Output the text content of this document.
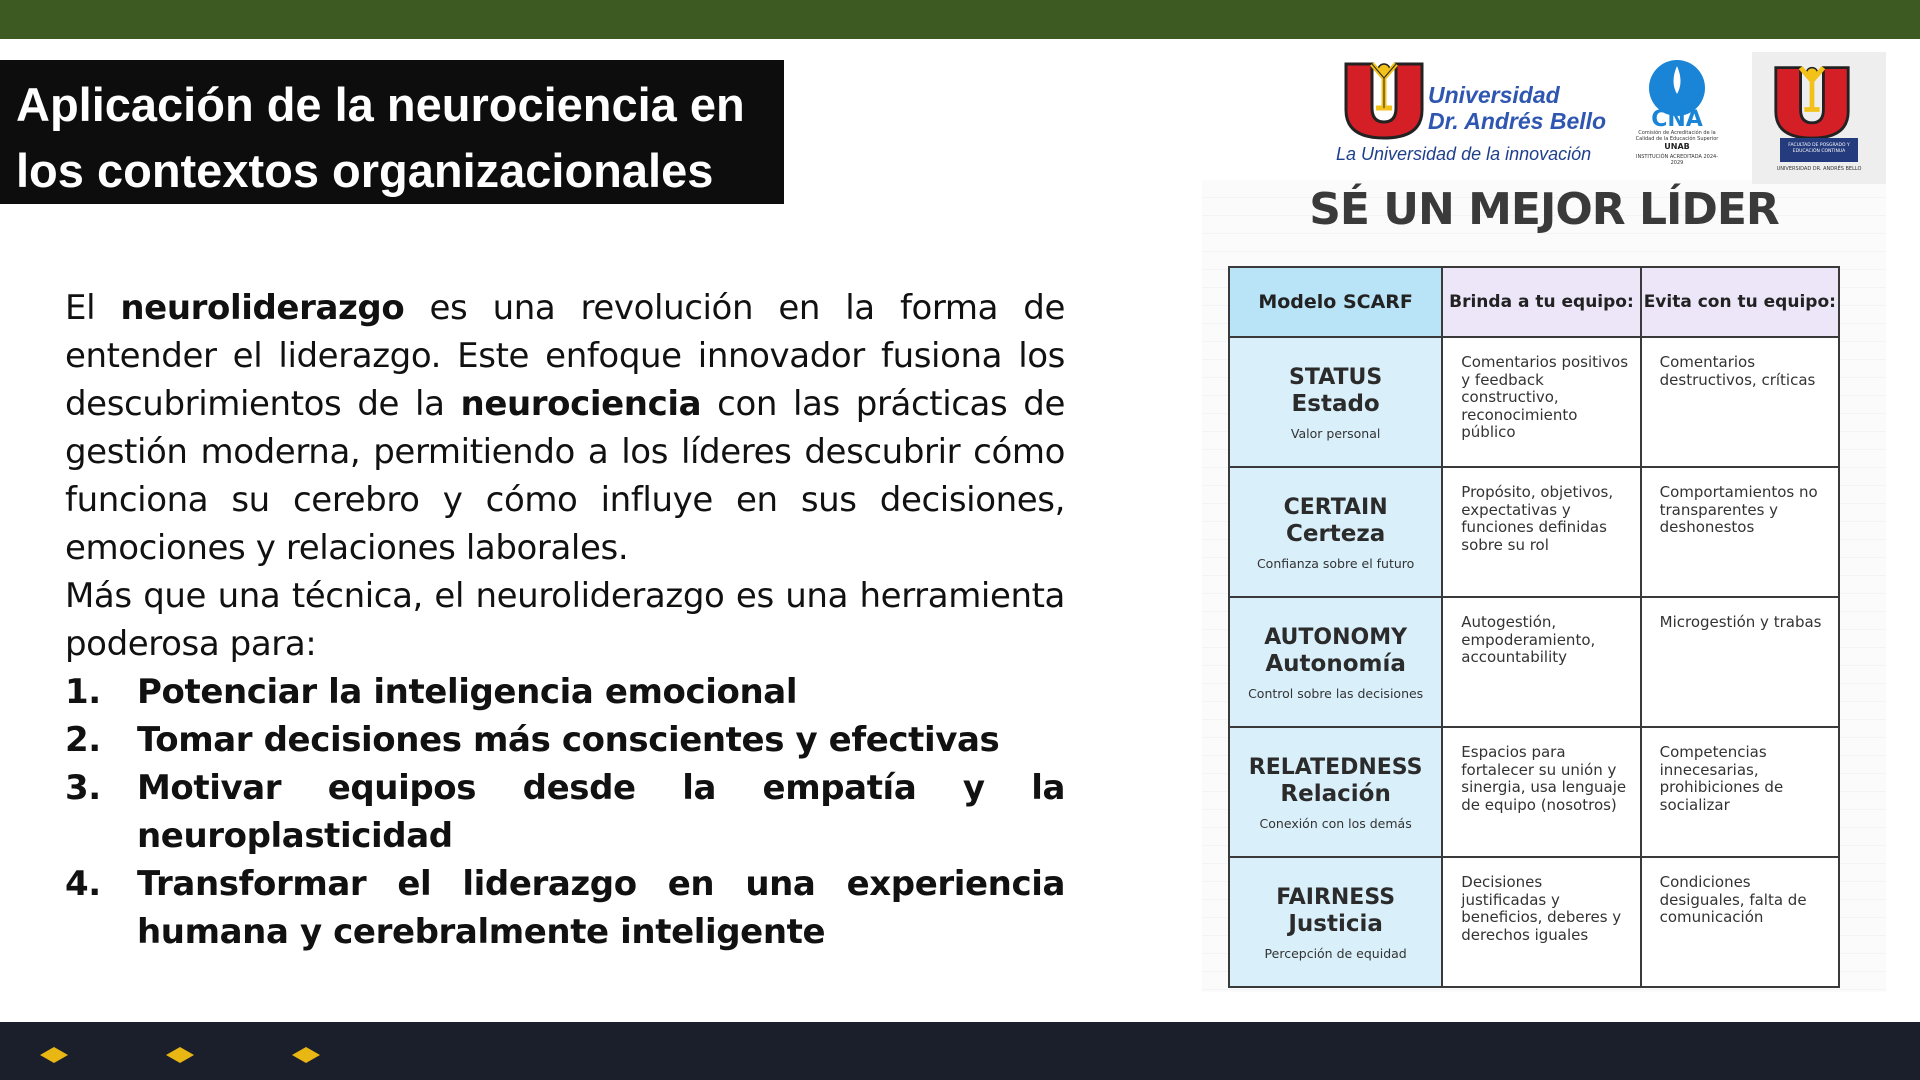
Aplicación de la neurociencia en
los contextos organizacionales

El neuroliderazgo es una revolución en la forma de entender el liderazgo. Este enfoque innovador fusiona los descubrimientos de la neurociencia con las prácticas de gestión moderna, permitiendo a los líderes descubrir cómo funciona su cerebro y cómo influye en sus decisiones, emociones y relaciones laborales.

Más que una técnica, el neuroliderazgo es una herramienta poderosa para:

1. Potenciar la inteligencia emocional
2. Tomar decisiones más conscientes y efectivas
3. Motivar equipos desde la empatía y la neuroplasticidad
4. Transformar el liderazgo en una experiencia humana y cerebralmente inteligente
Universidad
Dr. Andrés Bello
La Universidad de la innovación
CNA
Comisión de Acreditación de la Calidad de la Educación Superior
UNAB
INSTITUCIÓN ACREDITADA 2024-2029
FACULTAD DE POSGRADO Y EDUCACIÓN CONTINUA
UNIVERSIDAD DR. ANDRÉS BELLO
SÉ UN MEJOR LÍDER
Modelo SCARF	Brinda a tu equipo:	Evita con tu equipo:

STATUS
Estado
Valor personal	Comentarios positivos y feedback constructivo, reconocimiento público	Comentarios destructivos, críticas

CERTAIN
Certeza
Confianza sobre el futuro	Propósito, objetivos, expectativas y funciones definidas sobre su rol	Comportamientos no transparentes y deshonestos

AUTONOMY
Autonomía
Control sobre las decisiones	Autogestión, empoderamiento, accountability	Microgestión y trabas

RELATEDNESS
Relación
Conexión con los demás	Espacios para fortalecer su unión y sinergia, usa lenguaje de equipo (nosotros)	Competencias innecesarias, prohibiciones de socializar

FAIRNESS
Justicia
Percepción de equidad	Decisiones justificadas y beneficios, deberes y derechos iguales	Condiciones desiguales, falta de comunicación
